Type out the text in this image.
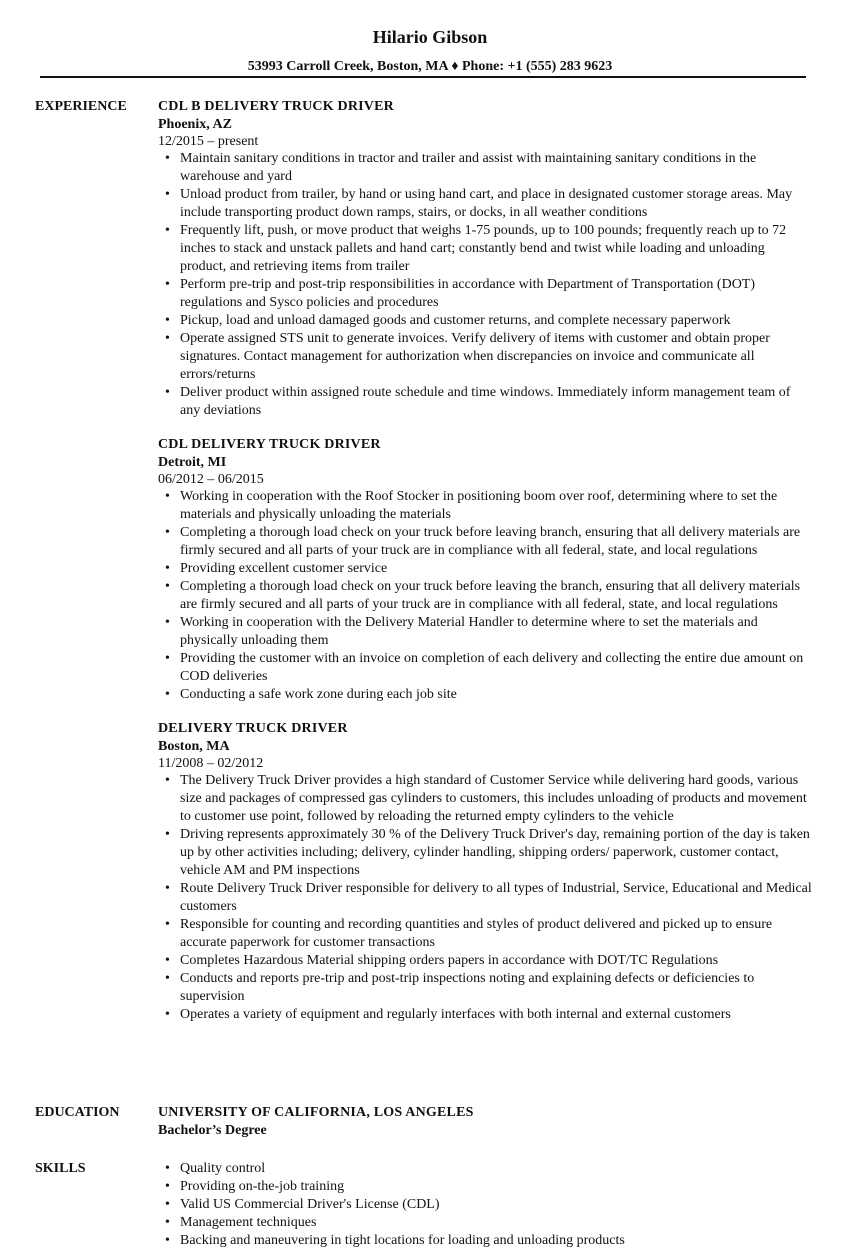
Hilario Gibson
53993 Carroll Creek, Boston, MA ♦ Phone: +1 (555) 283 9623
EXPERIENCE CDL B DELIVERY TRUCK DRIVER
Phoenix, AZ
12/2015 – present
• Maintain sanitary conditions in tractor and trailer and assist with maintaining sanitary conditions in the warehouse and yard
• Unload product from trailer, by hand or using hand cart, and place in designated customer storage areas. May include transporting product down ramps, stairs, or docks, in all weather conditions
• Frequently lift, push, or move product that weighs 1-75 pounds, up to 100 pounds; frequently reach up to 72 inches to stack and unstack pallets and hand cart; constantly bend and twist while loading and unloading product, and retrieving items from trailer
• Perform pre-trip and post-trip responsibilities in accordance with Department of Transportation (DOT) regulations and Sysco policies and procedures
• Pickup, load and unload damaged goods and customer returns, and complete necessary paperwork
• Operate assigned STS unit to generate invoices. Verify delivery of items with customer and obtain proper signatures. Contact management for authorization when discrepancies on invoice and communicate all errors/returns
• Deliver product within assigned route schedule and time windows. Immediately inform management team of any deviations
CDL DELIVERY TRUCK DRIVER
Detroit, MI
06/2012 – 06/2015
• Working in cooperation with the Roof Stocker in positioning boom over roof, determining where to set the materials and physically unloading the materials
• Completing a thorough load check on your truck before leaving branch, ensuring that all delivery materials are firmly secured and all parts of your truck are in compliance with all federal, state, and local regulations
• Providing excellent customer service
• Completing a thorough load check on your truck before leaving the branch, ensuring that all delivery materials are firmly secured and all parts of your truck are in compliance with all federal, state, and local regulations
• Working in cooperation with the Delivery Material Handler to determine where to set the materials and physically unloading them
• Providing the customer with an invoice on completion of each delivery and collecting the entire due amount on COD deliveries
• Conducting a safe work zone during each job site
DELIVERY TRUCK DRIVER
Boston, MA
11/2008 – 02/2012
• The Delivery Truck Driver provides a high standard of Customer Service while delivering hard goods, various size and packages of compressed gas cylinders to customers, this includes unloading of products and movement to customer use point, followed by reloading the returned empty cylinders to the vehicle
• Driving represents approximately 30 % of the Delivery Truck Driver's day, remaining portion of the day is taken up by other activities including; delivery, cylinder handling, shipping orders/ paperwork, customer contact, vehicle AM and PM inspections
• Route Delivery Truck Driver responsible for delivery to all types of Industrial, Service, Educational and Medical customers
• Responsible for counting and recording quantities and styles of product delivered and picked up to ensure accurate paperwork for customer transactions
• Completes Hazardous Material shipping orders papers in accordance with DOT/TC Regulations
• Conducts and reports pre-trip and post-trip inspections noting and explaining defects or deficiencies to supervision
• Operates a variety of equipment and regularly interfaces with both internal and external customers
EDUCATION	UNIVERSITY OF CALIFORNIA, LOS ANGELES
Bachelor’s Degree
SKILLS
•	Quality control
• Providing on-the-job training
• Valid US Commercial Driver's License (CDL)
• Management techniques
• Backing and maneuvering in tight locations for loading and unloading products
